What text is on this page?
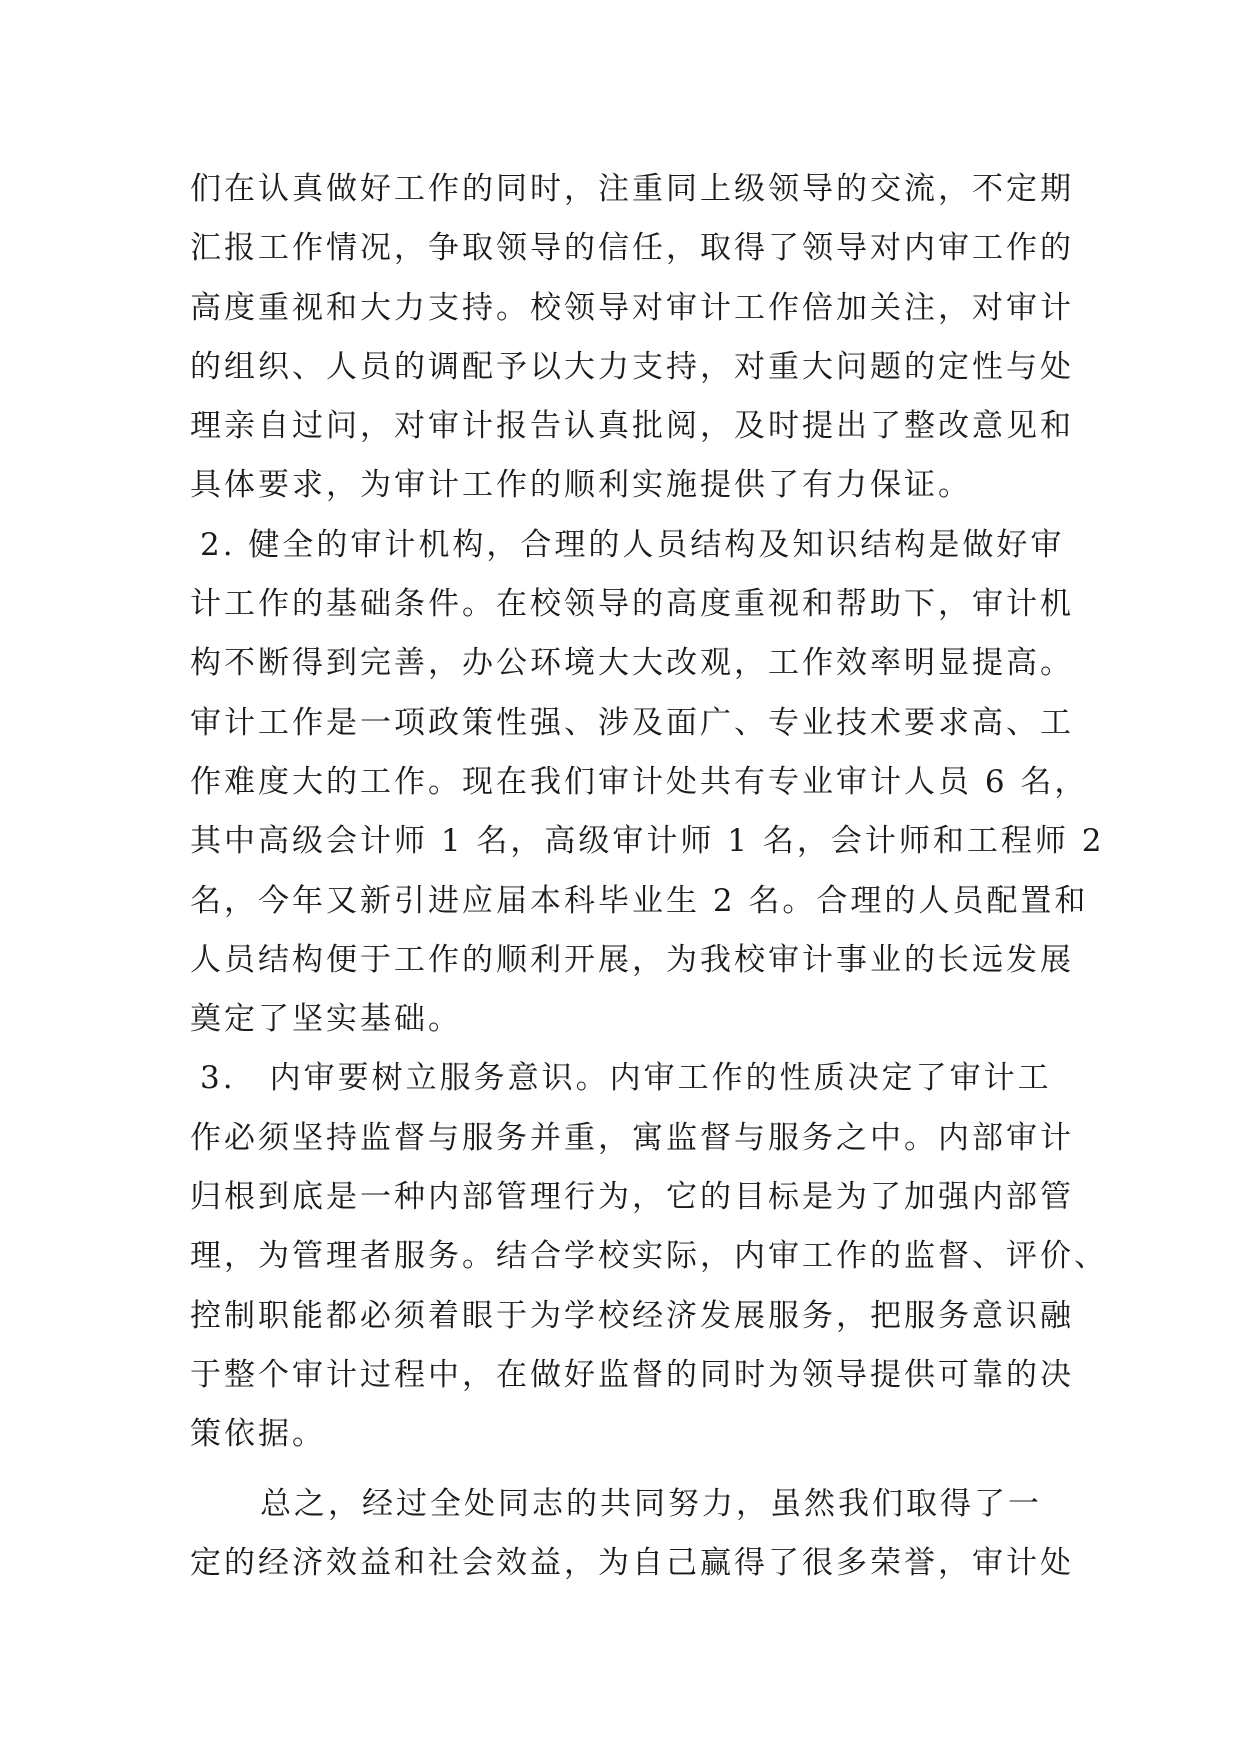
们在认真做好工作的同时，注重同上级领导的交流，不定期
汇报工作情况，争取领导的信任，取得了领导对内审工作的
高度重视和大力支持。校领导对审计工作倍加关注，对审计
的组织、人员的调配予以大力支持，对重大问题的定性与处
理亲自过问，对审计报告认真批阅，及时提出了整改意见和
具体要求，为审计工作的顺利实施提供了有力保证。
2. 健全的审计机构，合理的人员结构及知识结构是做好审
计工作的基础条件。在校领导的高度重视和帮助下，审计机
构不断得到完善，办公环境大大改观，工作效率明显提高。
审计工作是一项政策性强、涉及面广、专业技术要求高、工
作难度大的工作。现在我们审计处共有专业审计人员 6 名，
其中高级会计师 1 名，高级审计师 1 名，会计师和工程师 2
名，今年又新引进应届本科毕业生 2 名。合理的人员配置和
人员结构便于工作的顺利开展，为我校审计事业的长远发展
奠定了坚实基础。
3.　内审要树立服务意识。内审工作的性质决定了审计工
作必须坚持监督与服务并重，寓监督与服务之中。内部审计
归根到底是一种内部管理行为，它的目标是为了加强内部管
理，为管理者服务。结合学校实际，内审工作的监督、评价、
控制职能都必须着眼于为学校经济发展服务，把服务意识融
于整个审计过程中，在做好监督的同时为领导提供可靠的决
策依据。
总之，经过全处同志的共同努力，虽然我们取得了一
定的经济效益和社会效益，为自己赢得了很多荣誉，审计处
